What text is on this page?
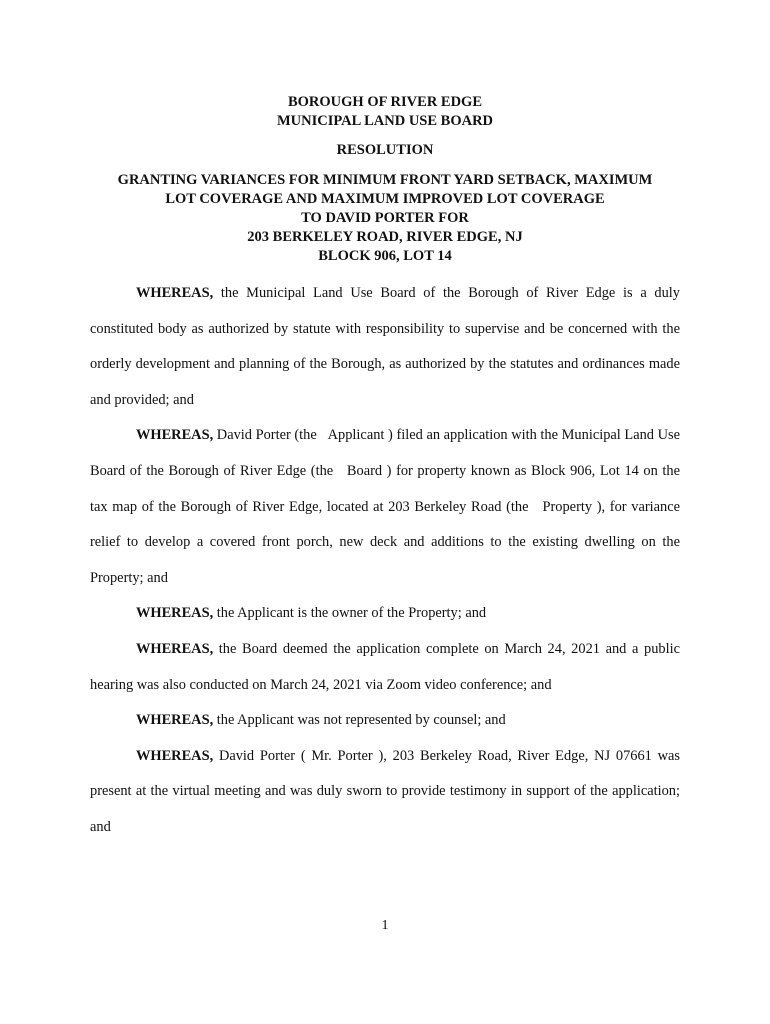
BOROUGH OF RIVER EDGE
MUNICIPAL LAND USE BOARD
RESOLUTION
GRANTING VARIANCES FOR MINIMUM FRONT YARD SETBACK, MAXIMUM
LOT COVERAGE AND MAXIMUM IMPROVED LOT COVERAGE
TO DAVID PORTER FOR
203 BERKELEY ROAD, RIVER EDGE, NJ
BLOCK 906, LOT 14

WHEREAS, the Municipal Land Use Board of the Borough of River Edge is a duly constituted body as authorized by statute with responsibility to supervise and be concerned with the orderly development and planning of the Borough, as authorized by the statutes and ordinances made and provided; and

WHEREAS, David Porter (the   Applicant ) filed an application with the Municipal Land Use Board of the Borough of River Edge (the   Board ) for property known as Block 906, Lot 14 on the tax map of the Borough of River Edge, located at 203 Berkeley Road (the   Property ), for variance relief to develop a covered front porch, new deck and additions to the existing dwelling on the Property; and

WHEREAS, the Applicant is the owner of the Property; and

WHEREAS, the Board deemed the application complete on March 24, 2021 and a public hearing was also conducted on March 24, 2021 via Zoom video conference; and

WHEREAS, the Applicant was not represented by counsel; and

WHEREAS, David Porter ( Mr. Porter ), 203 Berkeley Road, River Edge, NJ 07661 was present at the virtual meeting and was duly sworn to provide testimony in support of the application; and

1
